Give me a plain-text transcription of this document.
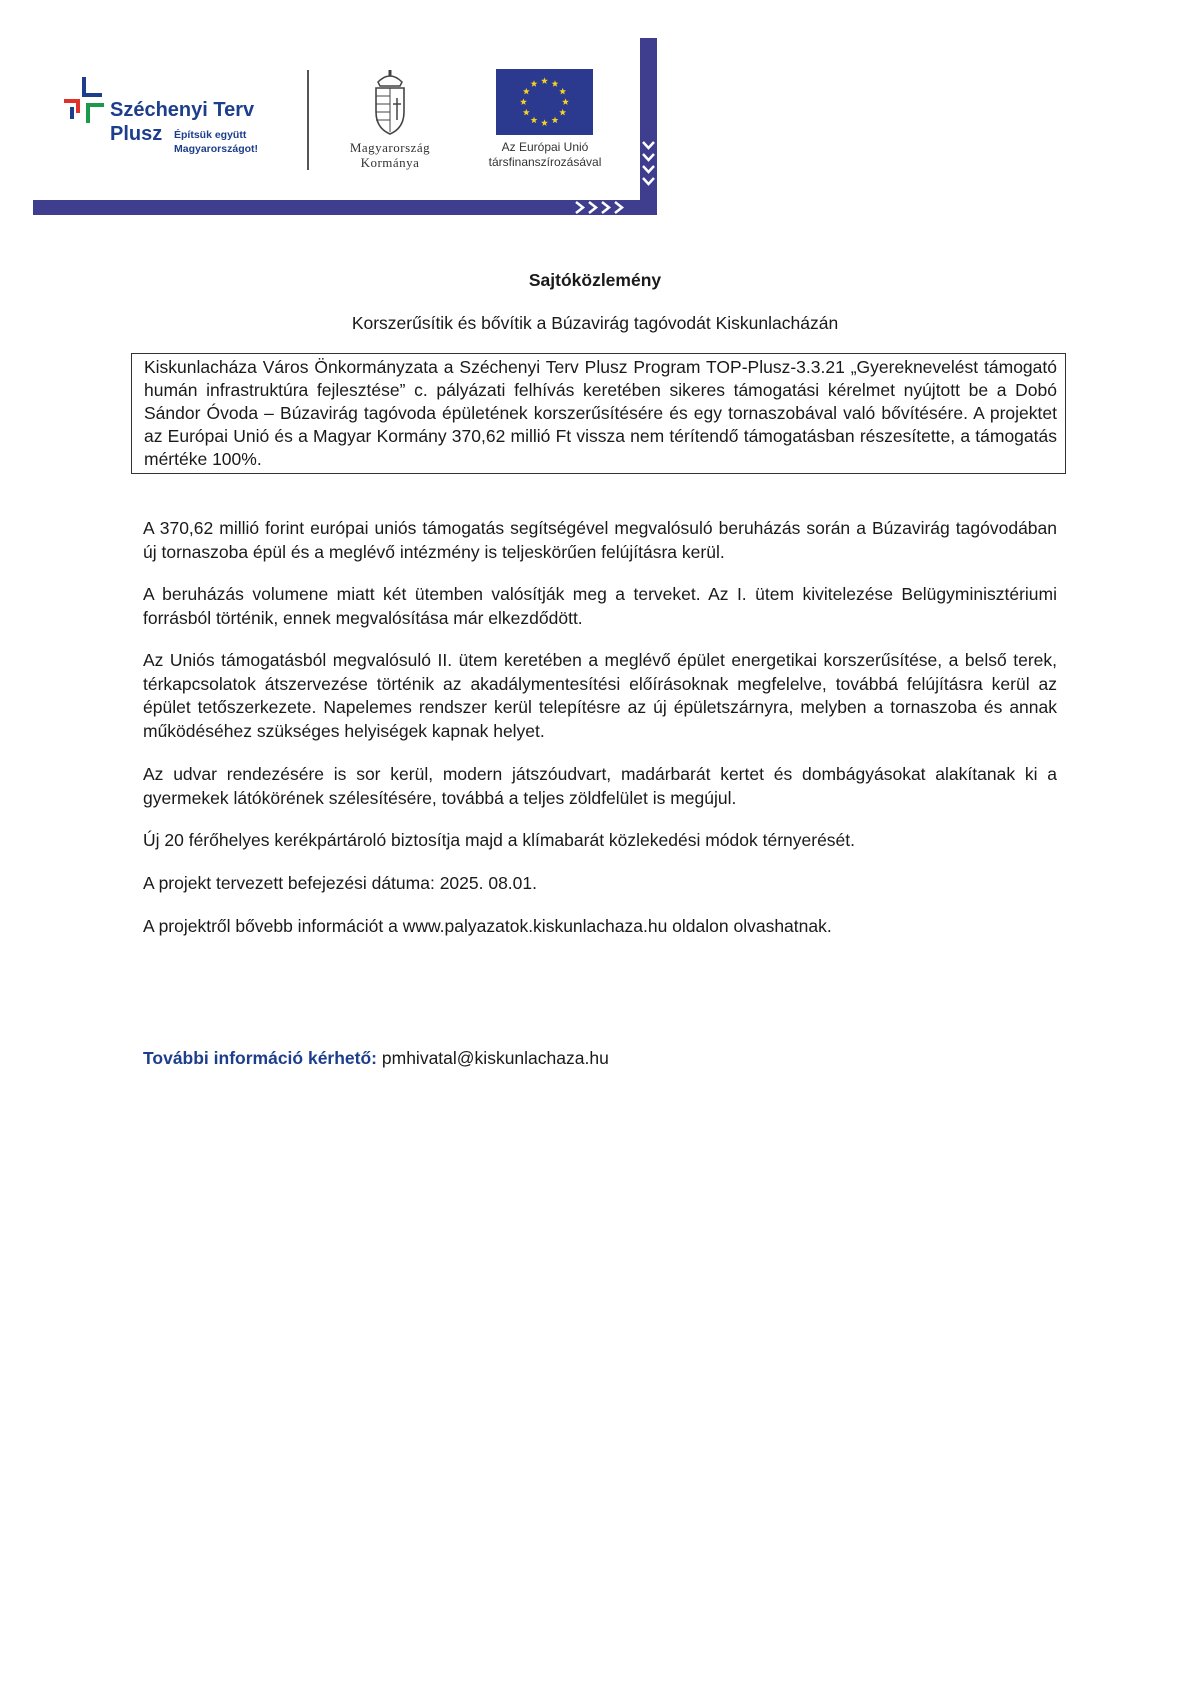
Széchenyi Terv
Plusz Építsük együtt Magyarországot!	Magyarország
Kormánya
Az Európai Unió
társfinanszírozásával
Sajtóközlemény
Korszerűsítik és bővítik a Búzavirág tagóvodát Kiskunlacházán
Kiskunlacháza Város Önkormányzata a Széchenyi Terv Plusz Program TOP-Plusz-3.3.21 „Gyereknevelést támogató humán infrastruktúra fejlesztése” c. pályázati felhívás keretében sikeres támogatási kérelmet nyújtott be a Dobó Sándor Óvoda – Búzavirág tagóvoda épületének korszerűsítésére és egy tornaszobával való bővítésére. A projektet az Európai Unió és a Magyar Kormány 370,62 millió Ft vissza nem térítendő támogatásban részesítette, a támogatás mértéke 100%.

A 370,62 millió forint európai uniós támogatás segítségével megvalósuló beruházás során a Búzavirág tagóvodában új tornaszoba épül és a meglévő intézmény is teljeskörűen felújításra kerül.

A beruházás volumene miatt két ütemben valósítják meg a terveket. Az I. ütem kivitelezése Belügyminisztériumi forrásból történik, ennek megvalósítása már elkezdődött.

Az Uniós támogatásból megvalósuló II. ütem keretében a meglévő épület energetikai korszerűsítése, a belső terek, térkapcsolatok átszervezése történik az akadálymentesítési előírásoknak megfelelve, továbbá felújításra kerül az épület tetőszerkezete. Napelemes rendszer kerül telepítésre az új épületszárnyra, melyben a tornaszoba és annak működéséhez szükséges helyiségek kapnak helyet.

Az udvar rendezésére is sor kerül, modern játszóudvart, madárbarát kertet és dombágyásokat alakítanak ki a gyermekek látókörének szélesítésére, továbbá a teljes zöldfelület is megújul.

Új 20 férőhelyes kerékpártároló biztosítja majd a klímabarát közlekedési módok térnyerését.

A projekt tervezett befejezési dátuma: 2025. 08.01.

A projektről bővebb információt a www.palyazatok.kiskunlachaza.hu oldalon olvashatnak.

További információ kérhető: pmhivatal@kiskunlachaza.hu
